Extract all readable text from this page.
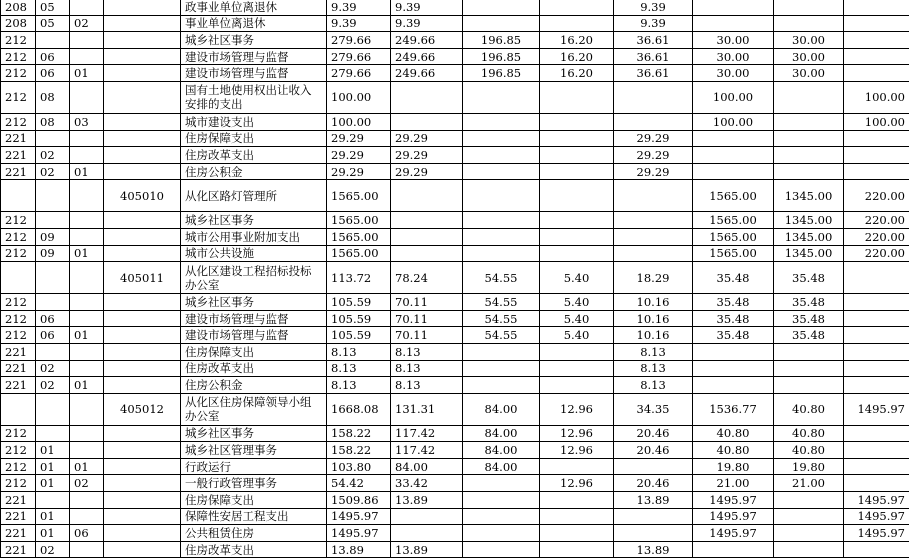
208	05			政事业单位离退休	9.39	9.39			9.39			
208	05	02		事业单位离退休	9.39	9.39			9.39			
212				城乡社区事务	279.66	249.66	196.85	16.20	36.61	30.00	30.00	
212	06			建设市场管理与监督	279.66	249.66	196.85	16.20	36.61	30.00	30.00	
212	06	01		建设市场管理与监督	279.66	249.66	196.85	16.20	36.61	30.00	30.00	
212	08			国有土地使用权出让收入安排的支出	100.00					100.00		100.00
212	08	03		城市建设支出	100.00					100.00		100.00
221				住房保障支出	29.29	29.29			29.29			
221	02			住房改革支出	29.29	29.29			29.29			
221	02	01		住房公积金	29.29	29.29			29.29			
			405010	从化区路灯管理所	1565.00					1565.00	1345.00	220.00
212				城乡社区事务	1565.00					1565.00	1345.00	220.00
212	09			城市公用事业附加支出	1565.00					1565.00	1345.00	220.00
212	09	01		城市公共设施	1565.00					1565.00	1345.00	220.00
			405011	从化区建设工程招标投标办公室	113.72	78.24	54.55	5.40	18.29	35.48	35.48	
212				城乡社区事务	105.59	70.11	54.55	5.40	10.16	35.48	35.48	
212	06			建设市场管理与监督	105.59	70.11	54.55	5.40	10.16	35.48	35.48	
212	06	01		建设市场管理与监督	105.59	70.11	54.55	5.40	10.16	35.48	35.48	
221				住房保障支出	8.13	8.13			8.13			
221	02			住房改革支出	8.13	8.13			8.13			
221	02	01		住房公积金	8.13	8.13			8.13			
			405012	从化区住房保障领导小组办公室	1668.08	131.31	84.00	12.96	34.35	1536.77	40.80	1495.97
212				城乡社区事务	158.22	117.42	84.00	12.96	20.46	40.80	40.80	
212	01			城乡社区管理事务	158.22	117.42	84.00	12.96	20.46	40.80	40.80	
212	01	01		行政运行	103.80	84.00	84.00			19.80	19.80	
212	01	02		一般行政管理事务	54.42	33.42		12.96	20.46	21.00	21.00	
221				住房保障支出	1509.86	13.89			13.89	1495.97		1495.97
221	01			保障性安居工程支出	1495.97					1495.97		1495.97
221	01	06		公共租赁住房	1495.97					1495.97		1495.97
221	02			住房改革支出	13.89	13.89			13.89			
